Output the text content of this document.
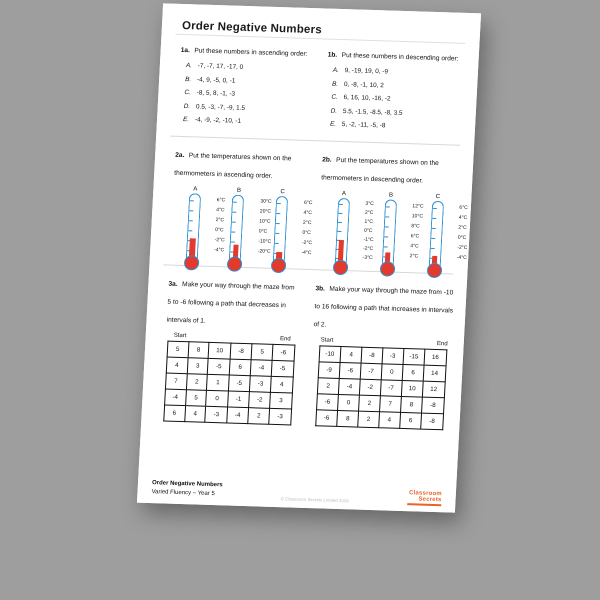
Order Negative Numbers
1a. Put these numbers in ascending order:
A. -7, -7, 17, -17, 0
B. -4, 9, -5, 0, -1
C. -8, 5, 8, -1, -3
D. 0.5, -3, -7, -9, 1.5
E. -4, -9, -2, -10, -1
1b. Put these numbers in descending order:
A. 9, -19, 19, 0, -9
B. 0, -8, -1, 10, 2
C. 6, 16, 10, -16, -2
D. 5.5, -1.5, -8.5, -8, 3.5
E. 5, -2, -11, -5, -8
2a. Put the temperatures shown on the thermometers in ascending order.
A
6°C
4°C
2°C
0°C
-2°C
-4°C
B
30°C
20°C
10°C
0°C
-10°C
-20°C
C
6°C
4°C
2°C
0°C
-2°C
-4°C
2b. Put the temperatures shown on the thermometers in descending order.
A
3°C
2°C
1°C
0°C
-1°C
-2°C
-3°C
B
12°C
10°C
8°C
6°C
4°C
2°C
C
6°C
4°C
2°C
0°C
-2°C
-4°C
3a. Make your way through the maze from 5 to -6 following a path that decreases in intervals of 1.
Start
End
5	8	10	-8	5	-6
4	3	-5	6	-4	-5
7	2	1	-5	-3	4
-4	5	0	-1	-2	3
6	4	-3	-4	2	-3
3b. Make your way through the maze from -10 to 16 following a path that increases in intervals of 2.
Start
End
-10	4	-8	-3	-15	16
-9	-6	-7	0	6	14
2	-4	-2	-7	10	12
-6	0	2	7	8	-8
-6	8	2	4	6	-8
Order Negative Numbers
Varied Fluency – Year 5
© Classroom Secrets Limited 2018
Classroom
Secrets
